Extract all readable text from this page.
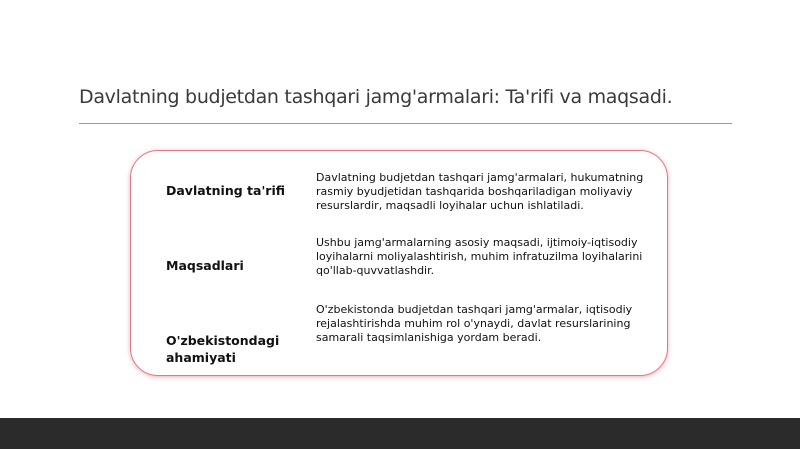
Davlatning budjetdan tashqari jamg'armalari: Ta'rifi va maqsadi.
Davlatning ta'rifi
Davlatning budjetdan tashqari jamg'armalari, hukumatning rasmiy byudjetidan tashqarida boshqariladigan moliyaviy resurslardir, maqsadli loyihalar uchun ishlatiladi.
Maqsadlari
Ushbu jamg'armalarning asosiy maqsadi, ijtimoiy-iqtisodiy loyihalarni moliyalashtirish, muhim infratuzilma loyihalarini qo'llab-quvvatlashdir.
O'zbekistondagi ahamiyati
O'zbekistonda budjetdan tashqari jamg'armalar, iqtisodiy rejalashtirishda muhim rol o'ynaydi, davlat resurslarining samarali taqsimlanishiga yordam beradi.
